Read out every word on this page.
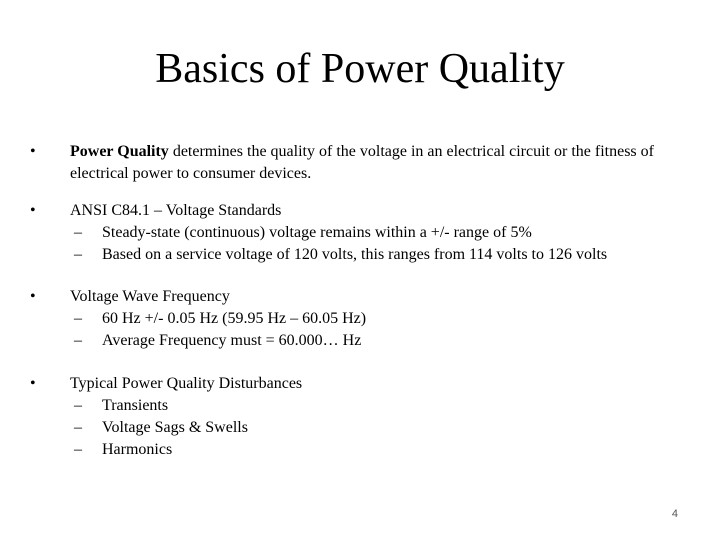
Basics of Power Quality
• Power Quality determines the quality of the voltage in an electrical circuit or the fitness of electrical power to consumer devices.
• ANSI C84.1 – Voltage Standards
– Steady-state (continuous) voltage remains within a +/- range of 5%
– Based on a service voltage of 120 volts, this ranges from 114 volts to 126 volts
• Voltage Wave Frequency
– 60 Hz +/- 0.05 Hz (59.95 Hz – 60.05 Hz)
– Average Frequency must = 60.000… Hz
• Typical Power Quality Disturbances
– Transients
– Voltage Sags & Swells
– Harmonics
4
